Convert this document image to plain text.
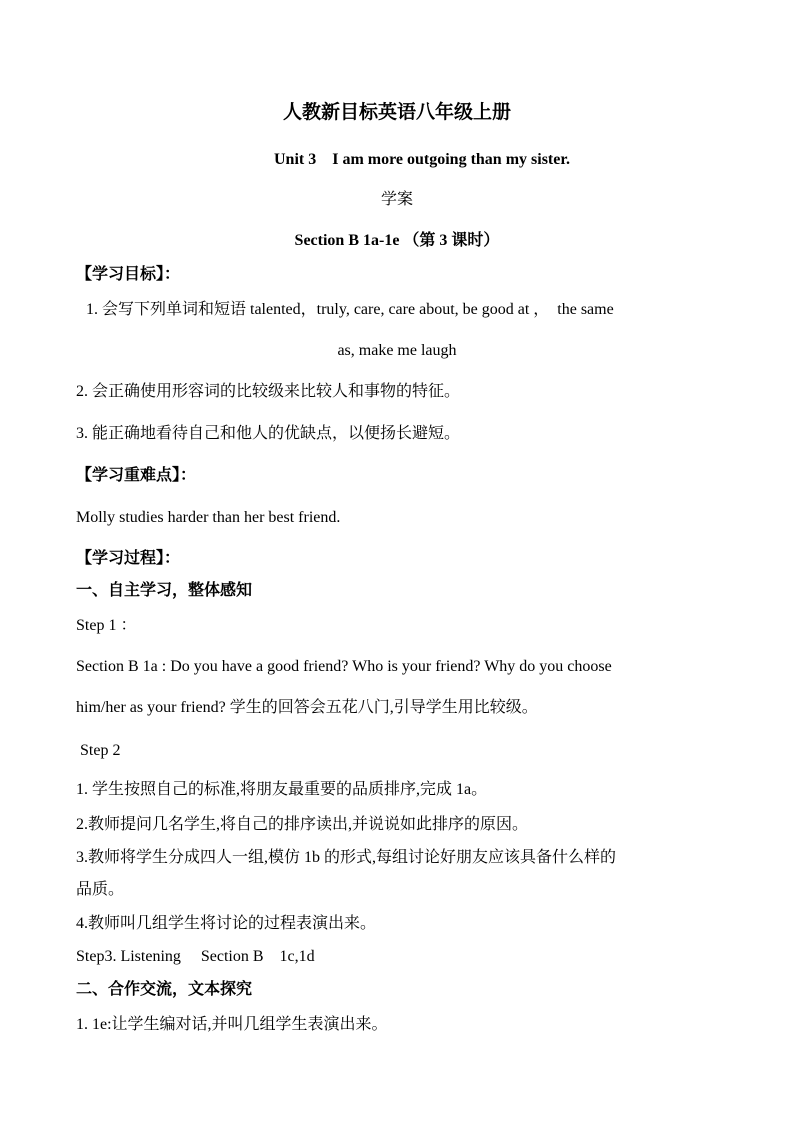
人教新目标英语八年级上册
Unit 3　I am more outgoing than my sister.
学案
Section B 1a-1e （第 3 课时）
【学习目标】：
1. 会写下列单词和短语 talented，truly, care, care about, be good at ，　the same
as, make me laugh
2. 会正确使用形容词的比较级来比较人和事物的特征。
3. 能正确地看待自己和他人的优缺点，以便扬长避短。
【学习重难点】：
Molly studies harder than her best friend.
【学习过程】：
一、自主学习，整体感知
Step 1 ：
Section B 1a : Do you have a good friend? Who is your friend? Why do you choose
him/her as your friend? 学生的回答会五花八门,引导学生用比较级。
Step 2
1. 学生按照自己的标准,将朋友最重要的品质排序,完成 1a。
2.教师提问几名学生,将自己的排序读出,并说说如此排序的原因。
3.教师将学生分成四人一组,模仿 1b 的形式,每组讨论好朋友应该具备什么样的
品质。
4.教师叫几组学生将讨论的过程表演出来。
Step3. Listening　 Section B　1c,1d
二、合作交流，文本探究
1. 1e:让学生编对话,并叫几组学生表演出来。
